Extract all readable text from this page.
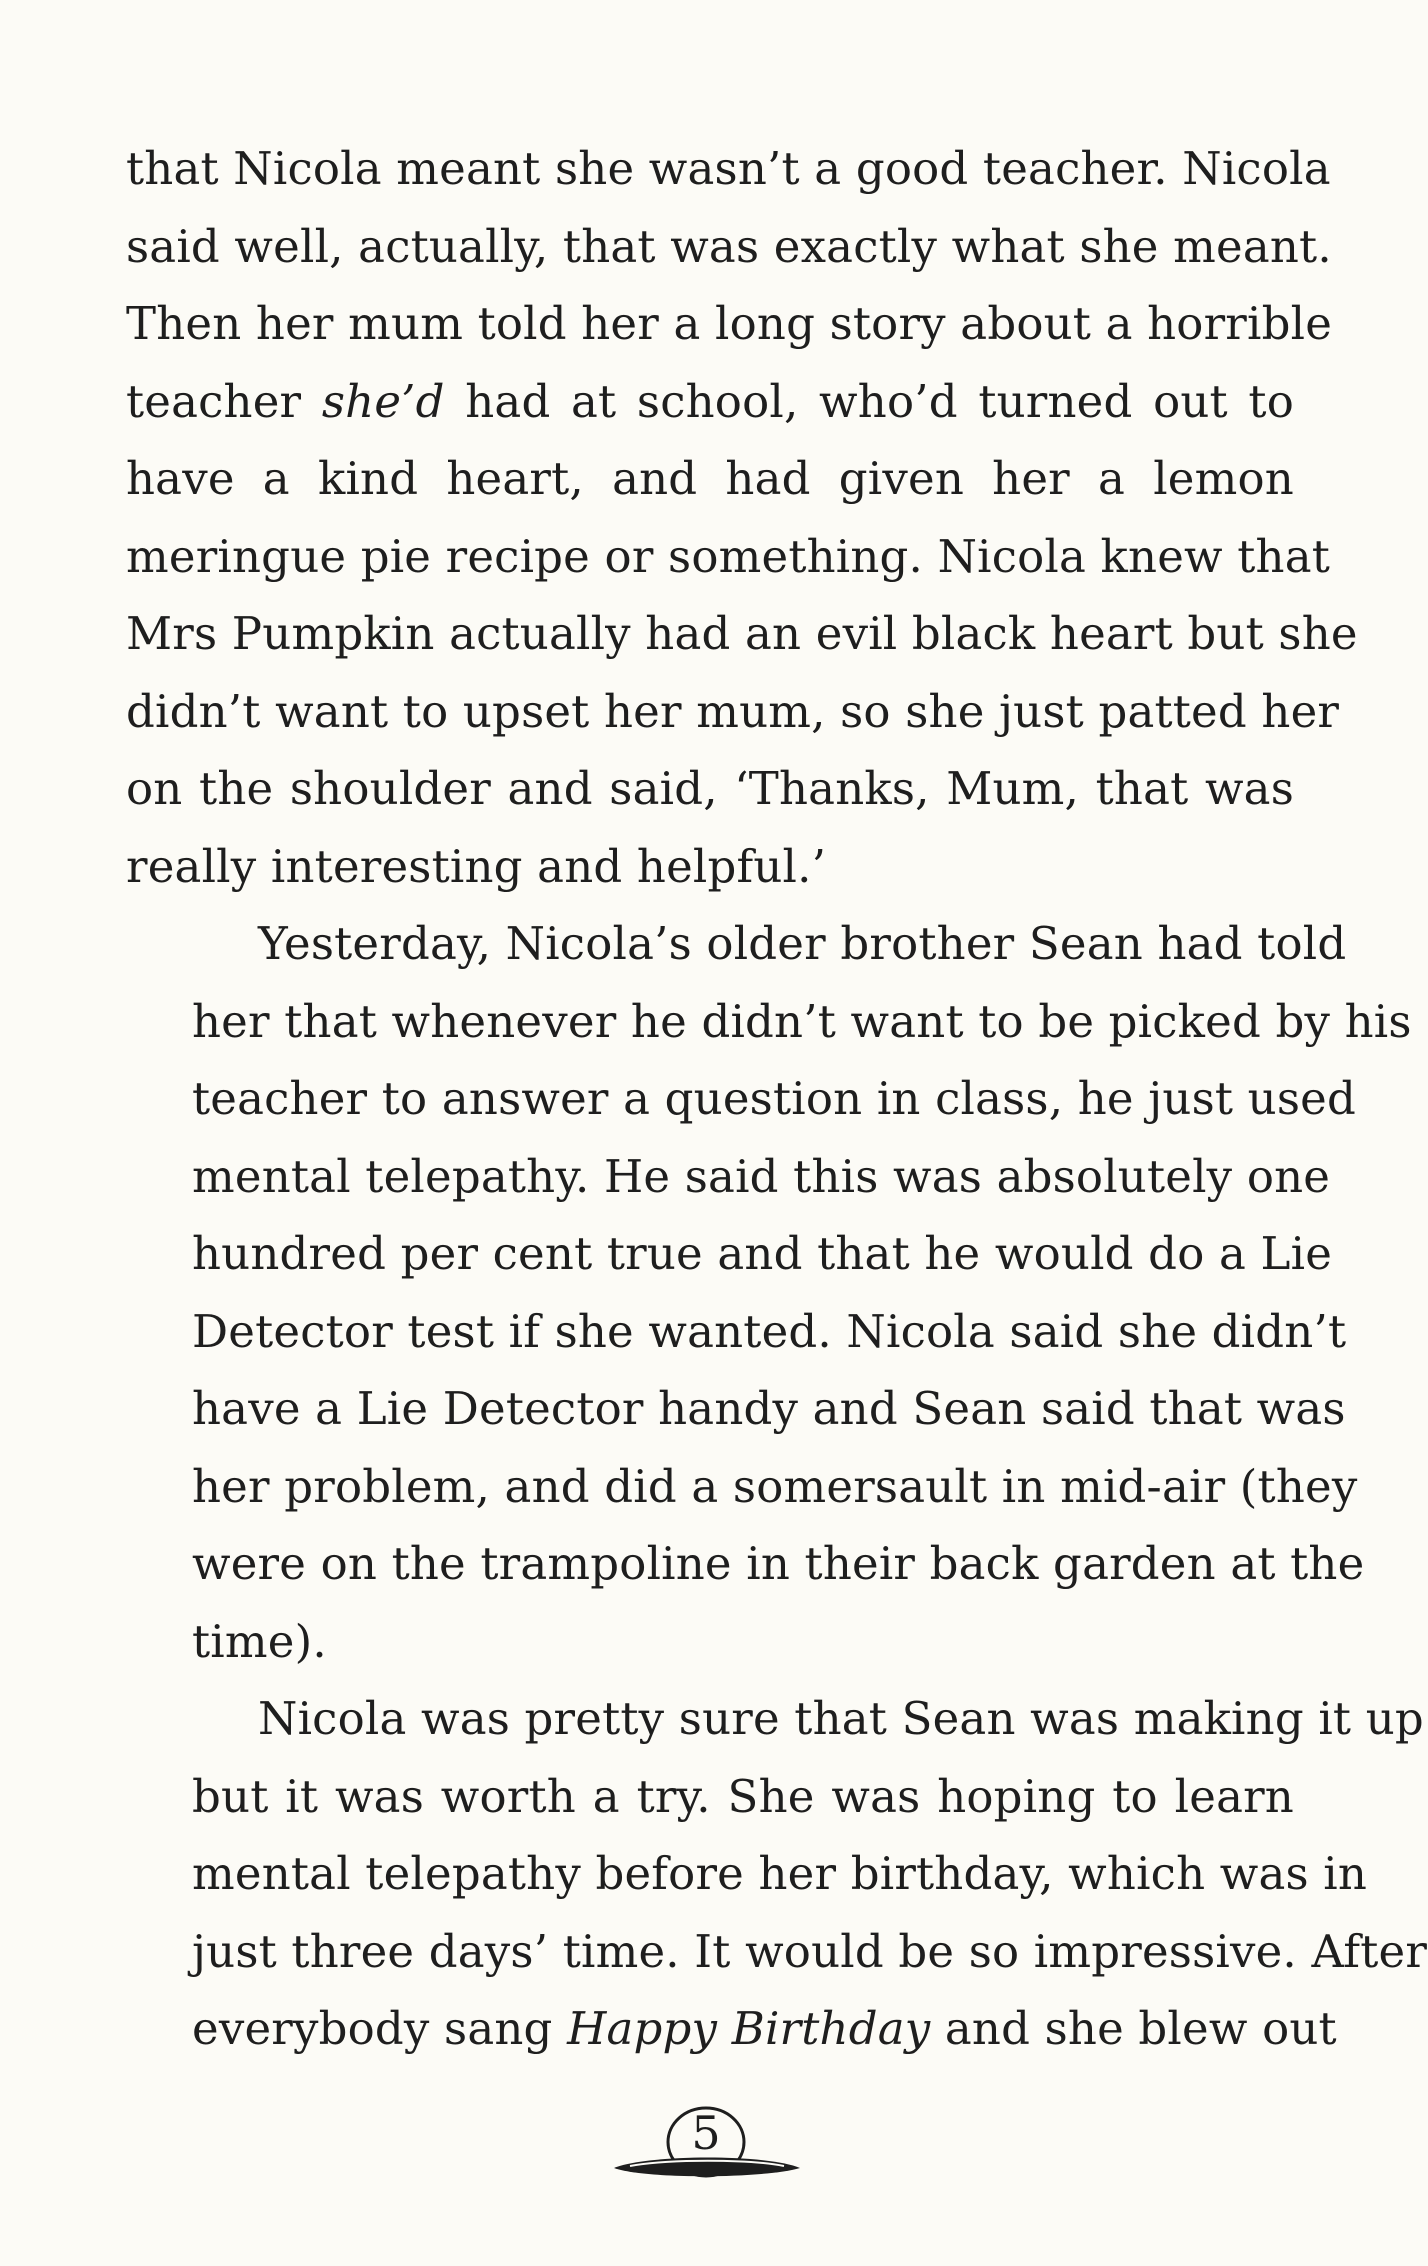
that Nicola meant she wasn’t a good teacher. Nicola
said well, actually, that was exactly what she meant.
Then her mum told her a long story about a horrible
teacher she’d had at school, who’d turned out to
have a kind heart, and had given her a lemon
meringue pie recipe or something. Nicola knew that
Mrs Pumpkin actually had an evil black heart but she
didn’t want to upset her mum, so she just patted her
on the shoulder and said, ‘Thanks, Mum, that was
really interesting and helpful.’

Yesterday, Nicola’s older brother Sean had told
her that whenever he didn’t want to be picked by his
teacher to answer a question in class, he just used
mental telepathy. He said this was absolutely one
hundred per cent true and that he would do a Lie
Detector test if she wanted. Nicola said she didn’t
have a Lie Detector handy and Sean said that was
her problem, and did a somersault in mid-air (they
were on the trampoline in their back garden at the
time).

Nicola was pretty sure that Sean was making it up
but it was worth a try. She was hoping to learn
mental telepathy before her birthday, which was in
just three days’ time. It would be so impressive. After
everybody sang Happy Birthday and she blew out

5
